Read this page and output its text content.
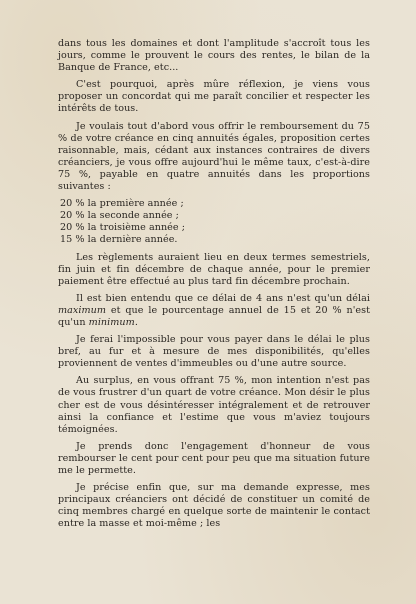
dans tous les domaines et dont l'amplitude s'accroît tous les jours, comme le prouvent le cours des rentes, le bilan de la Banque de France, etc...

C'est pourquoi, après mûre réflexion, je viens vous proposer un concordat qui me paraît concilier et respecter les intérêts de tous.

Je voulais tout d'abord vous offrir le remboursement du 75 % de votre créance en cinq annuités égales, proposition certes raisonnable, mais, cédant aux instances contraires de divers créanciers, je vous offre aujourd'hui le même taux, c'est-à-dire 75 %, payable en quatre annuités dans les proportions suivantes :

20 % la première année ;
20 % la seconde année ;
20 % la troisième année ;
15 % la dernière année.

Les règlements auraient lieu en deux termes semestriels, fin juin et fin décembre de chaque année, pour le premier paiement être effectué au plus tard fin décembre prochain.

Il est bien entendu que ce délai de 4 ans n'est qu'un délai maximum et que le pourcentage annuel de 15 et 20 % n'est qu'un minimum.

Je ferai l'impossible pour vous payer dans le délai le plus bref, au fur et à mesure de mes disponibilités, qu'elles proviennent de ventes d'immeubles ou d'une autre source.

Au surplus, en vous offrant 75 %, mon intention n'est pas de vous frustrer d'un quart de votre créance. Mon désir le plus cher est de vous désintéresser intégralement et de retrouver ainsi la confiance et l'estime que vous m'aviez toujours témoignées.

Je prends donc l'engagement d'honneur de vous rembourser le cent pour cent pour peu que ma situation future me le permette.

Je précise enfin que, sur ma demande expresse, mes principaux créanciers ont décidé de constituer un comité de cinq membres chargé en quelque sorte de maintenir le contact entre la masse et moi-même ; les
